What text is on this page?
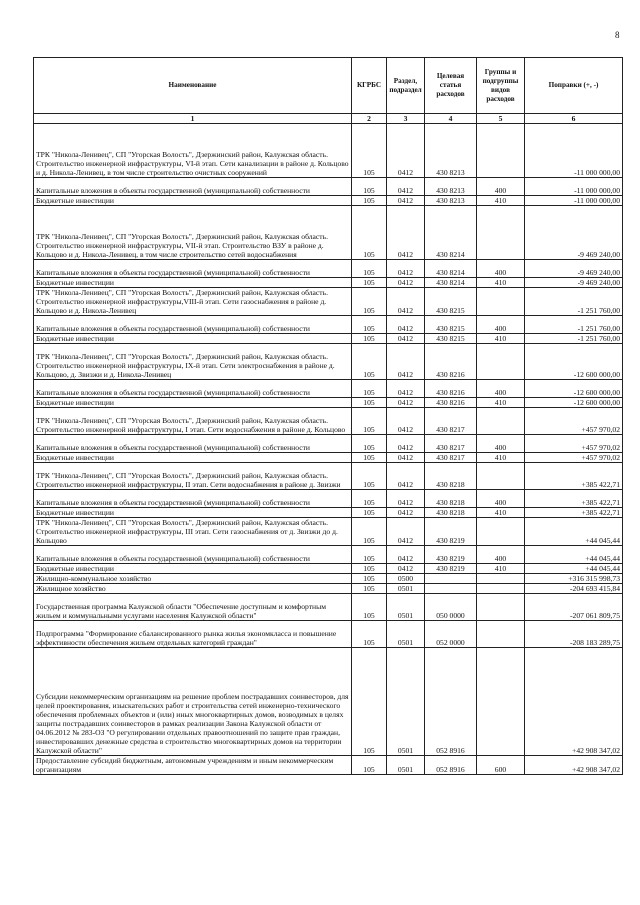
8
Наименование	КГРБС	Раздел, подраздел	Целевая статья расходов	Группы и подгруппы видов расходов	Поправки (+, -)
1	2	3	4	5	6
ТРК "Никола-Ленивец", СП "Угорская Волость", Дзержинский район, Калужская область. Строительство инженерной инфраструктуры, VI-й этап. Сети канализации в районе д. Кольцово и д. Никола-Ленивец, в том числе строительство очистных сооружений	105	0412	430 8213		-11 000 000,00
Капитальные вложения в объекты государственной (муниципальной) собственности	105	0412	430 8213	400	-11 000 000,00
Бюджетные инвестиции	105	0412	430 8213	410	-11 000 000,00
ТРК "Никола-Ленивец", СП "Угорская Волость", Дзержинский район, Калужская область. Строительство инженерной инфраструктуры, VII-й этап. Строительство ВЗУ в районе д. Кольцово и д. Никола-Ленивец, в том числе строительство сетей водоснабжения	105	0412	430 8214		-9 469 240,00
Капитальные вложения в объекты государственной (муниципальной) собственности	105	0412	430 8214	400	-9 469 240,00
Бюджетные инвестиции	105	0412	430 8214	410	-9 469 240,00
ТРК "Никола-Ленивец", СП "Угорская Волость", Дзержинский район, Калужская область. Строительство инженерной инфраструктуры,VIII-й этап. Сети газоснабжения в районе д. Кольцово и д. Никола-Ленивец	105	0412	430 8215		-1 251 760,00
Капитальные вложения в объекты государственной (муниципальной) собственности	105	0412	430 8215	400	-1 251 760,00
Бюджетные инвестиции	105	0412	430 8215	410	-1 251 760,00
ТРК "Никола-Ленивец", СП "Угорская Волость", Дзержинский район, Калужская область. Строительство инженерной инфраструктуры, IX-й этап. Сети электроснабжения в районе д. Кольцово, д. Звизжи и д. Никола-Ленивец	105	0412	430 8216		-12 600 000,00
Капитальные вложения в объекты государственной (муниципальной) собственности	105	0412	430 8216	400	-12 600 000,00
Бюджетные инвестиции	105	0412	430 8216	410	-12 600 000,00
ТРК "Никола-Ленивец", СП "Угорская Волость", Дзержинский район, Калужская область. Строительство инженерной инфраструктуры, I этап. Сети водоснабжения в районе д. Кольцово	105	0412	430 8217		+457 970,02
Капитальные вложения в объекты государственной (муниципальной) собственности	105	0412	430 8217	400	+457 970,02
Бюджетные инвестиции	105	0412	430 8217	410	+457 970,02
ТРК "Никола-Ленивец", СП "Угорская Волость", Дзержинский район, Калужская область. Строительство инженерной инфраструктуры, II этап. Сети водоснабжения в районе д. Звизжи	105	0412	430 8218		+385 422,71
Капитальные вложения в объекты государственной (муниципальной) собственности	105	0412	430 8218	400	+385 422,71
Бюджетные инвестиции	105	0412	430 8218	410	+385 422,71
ТРК "Никола-Ленивец", СП "Угорская Волость", Дзержинский район, Калужская область. Строительство инженерной инфраструктуры, III этап. Сети газоснабжения от д. Звизжи до д. Кольцово	105	0412	430 8219		+44 045,44
Капитальные вложения в объекты государственной (муниципальной) собственности	105	0412	430 8219	400	+44 045,44
Бюджетные инвестиции	105	0412	430 8219	410	+44 045,44
Жилищно-коммунальное хозяйство	105	0500			+316 315 998,73
Жилищное хозяйство	105	0501			-204 693 415,84
Государственная программа Калужской области "Обеспечение доступным и комфортным жильем и коммунальными услугами населения Калужской области"	105	0501	050 0000		-207 061 809,75
Подпрограмма "Формирование сбалансированного рынка жилья экономкласса и повышение эффективности обеспечения жильем отдельных категорий граждан"	105	0501	052 0000		-208 183 289,75
Субсидии некоммерческим организациям на решение проблем пострадавших соинвесторов, для целей проектирования, изыскательских работ и строительства сетей инженерно-технического обеспечения проблемных объектов и (или) иных многоквартирных домов, возводимых в целях защиты пострадавших соинвесторов в рамках реализации Закона Калужской области от 04.06.2012 № 283-ОЗ "О регулировании отдельных правоотношений по защите прав граждан, инвестировавших денежные средства в строительство многоквартирных домов на территории Калужской области"	105	0501	052 8916		+42 908 347,02
Предоставление субсидий бюджетным, автономным учреждениям и иным некоммерческим организациям	105	0501	052 8916	600	+42 908 347,02
